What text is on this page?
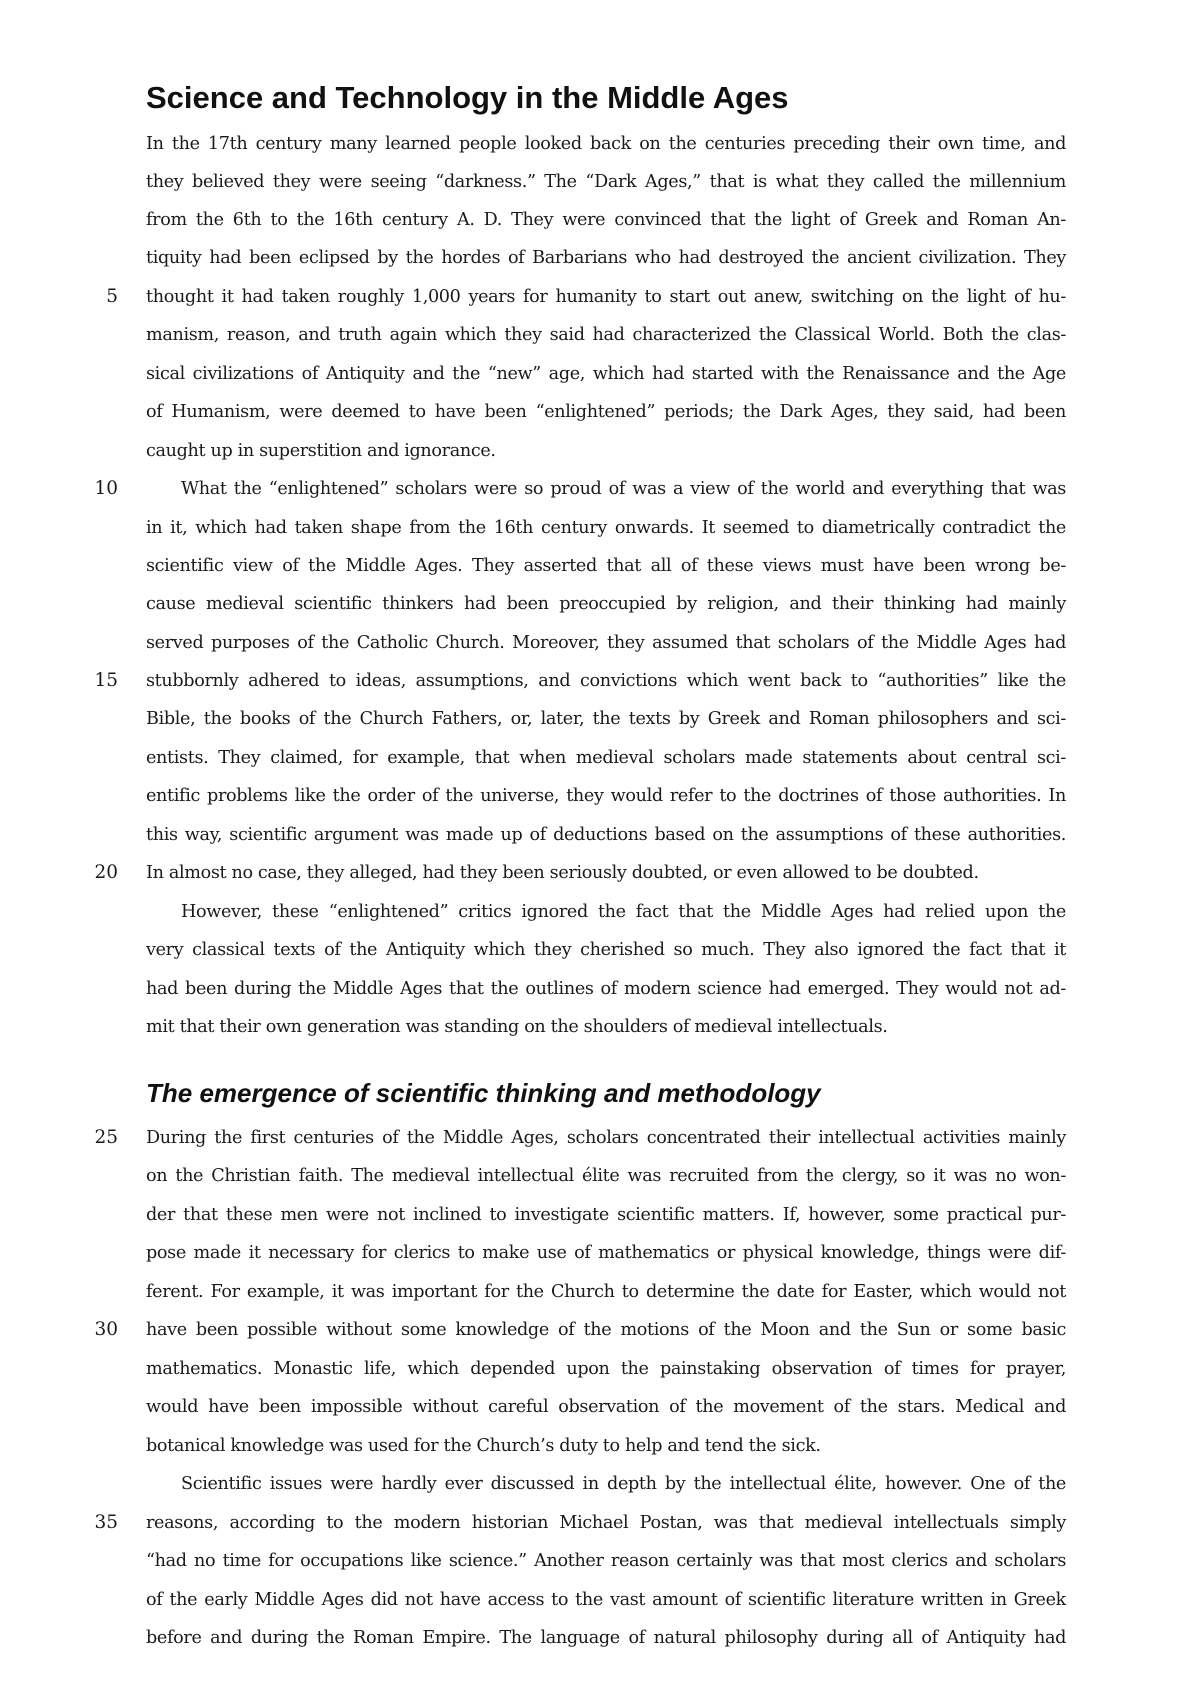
Science and Technology in the Middle Ages
In the 17th century many learned people looked back on the centuries preceding their own time, and
they believed they were seeing “darkness.” The “Dark Ages,” that is what they called the millennium
from the 6th to the 16th century A. D. They were convinced that the light of Greek and Roman An-
tiquity had been eclipsed by the hordes of Barbarians who had destroyed the ancient civilization. They
thought it had taken roughly 1,000 years for humanity to start out anew, switching on the light of hu-
manism, reason, and truth again which they said had characterized the Classical World. Both the clas-
sical civilizations of Antiquity and the “new” age, which had started with the Renaissance and the Age
of Humanism, were deemed to have been “enlightened” periods; the Dark Ages, they said, had been
caught up in superstition and ignorance.
What the “enlightened” scholars were so proud of was a view of the world and everything that was
in it, which had taken shape from the 16th century onwards. It seemed to diametrically contradict the
scientific view of the Middle Ages. They asserted that all of these views must have been wrong be-
cause medieval scientific thinkers had been preoccupied by religion, and their thinking had mainly
served purposes of the Catholic Church. Moreover, they assumed that scholars of the Middle Ages had
stubbornly adhered to ideas, assumptions, and convictions which went back to “authorities” like the
Bible, the books of the Church Fathers, or, later, the texts by Greek and Roman philosophers and sci-
entists. They claimed, for example, that when medieval scholars made statements about central sci-
entific problems like the order of the universe, they would refer to the doctrines of those authorities. In
this way, scientific argument was made up of deductions based on the assumptions of these authorities.
In almost no case, they alleged, had they been seriously doubted, or even allowed to be doubted.
However, these “enlightened” critics ignored the fact that the Middle Ages had relied upon the
very classical texts of the Antiquity which they cherished so much. They also ignored the fact that it
had been during the Middle Ages that the outlines of modern science had emerged. They would not ad-
mit that their own generation was standing on the shoulders of medieval intellectuals.
The emergence of scientific thinking and methodology
During the first centuries of the Middle Ages, scholars concentrated their intellectual activities mainly
on the Christian faith. The medieval intellectual élite was recruited from the clergy, so it was no won-
der that these men were not inclined to investigate scientific matters. If, however, some practical pur-
pose made it necessary for clerics to make use of mathematics or physical knowledge, things were dif-
ferent. For example, it was important for the Church to determine the date for Easter, which would not
have been possible without some knowledge of the motions of the Moon and the Sun or some basic
mathematics. Monastic life, which depended upon the painstaking observation of times for prayer,
would have been impossible without careful observation of the movement of the stars. Medical and
botanical knowledge was used for the Church’s duty to help and tend the sick.
Scientific issues were hardly ever discussed in depth by the intellectual élite, however. One of the
reasons, according to the modern historian Michael Postan, was that medieval intellectuals simply
“had no time for occupations like science.” Another reason certainly was that most clerics and scholars
of the early Middle Ages did not have access to the vast amount of scientific literature written in Greek
before and during the Roman Empire. The language of natural philosophy during all of Antiquity had
5
10
15
20
25
30
35
